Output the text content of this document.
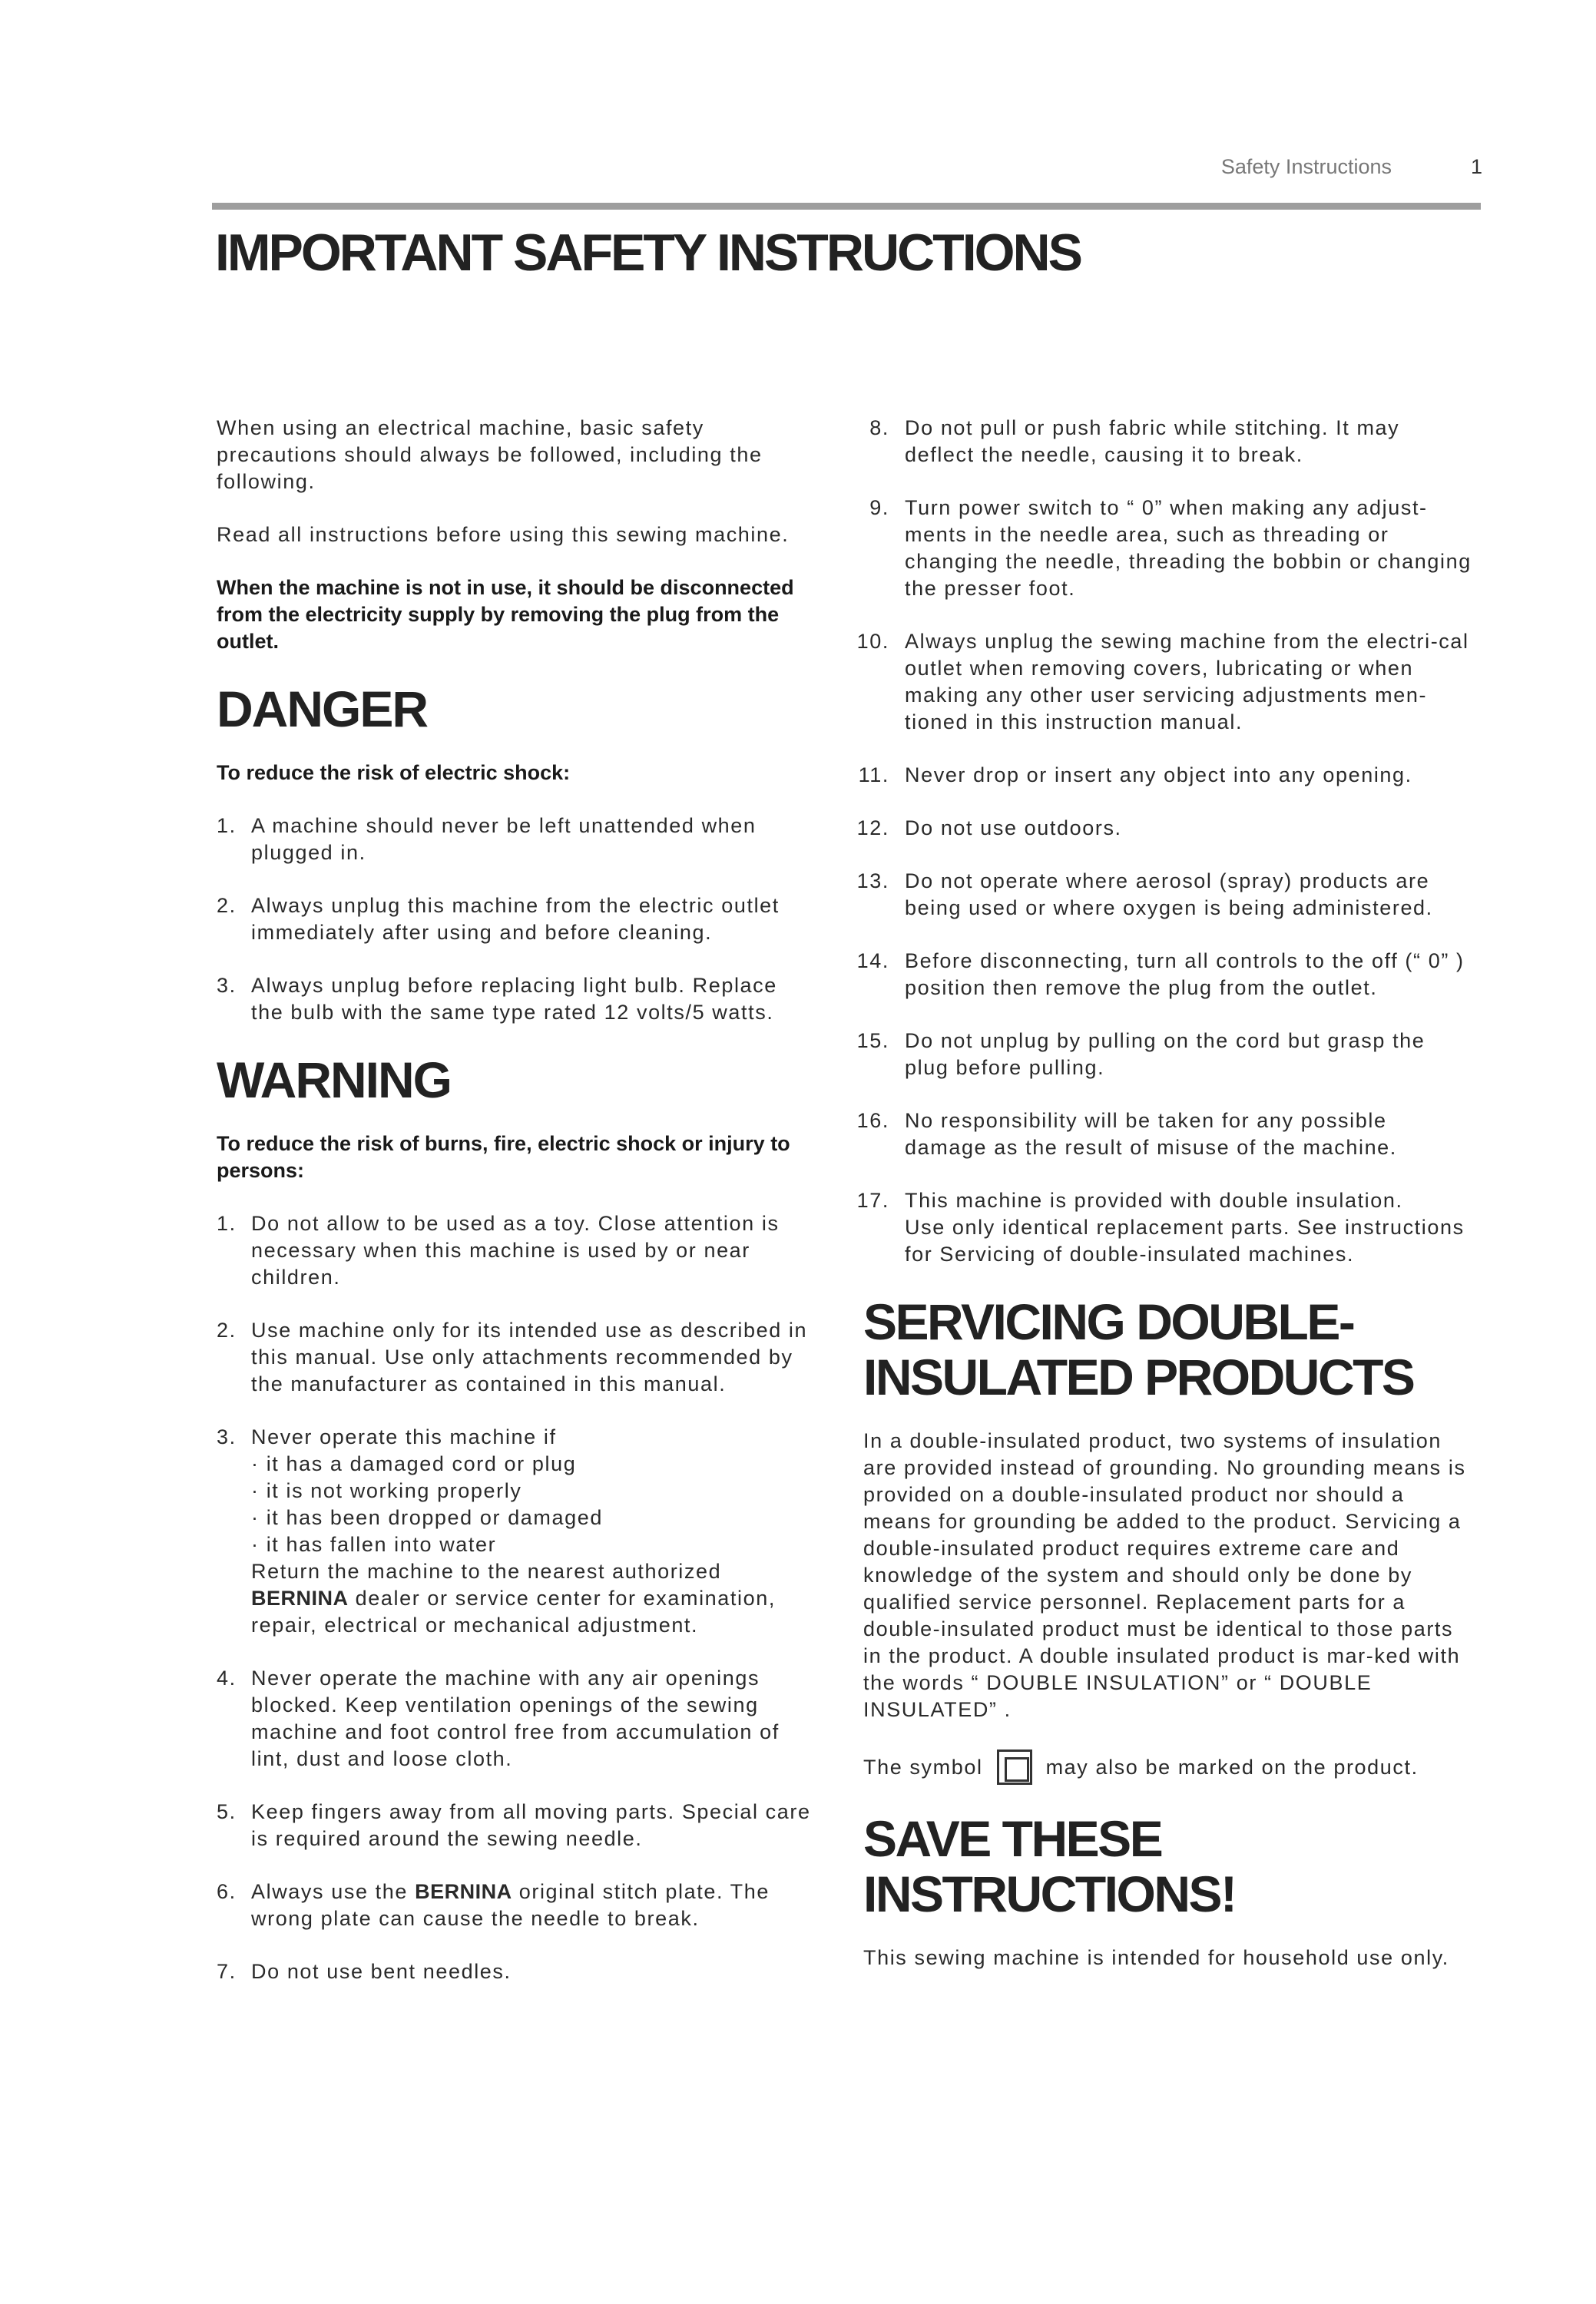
Safety Instructions	1
IMPORTANT SAFETY INSTRUCTIONS

When using an electrical machine, basic safety precautions should always be followed, including the following.

Read all instructions before using this sewing machine.

When the machine is not in use, it should be disconnected from the electricity supply by removing the plug from the outlet.

DANGER

To reduce the risk of electric shock:

1. A machine should never be left unattended when plugged in.
2. Always unplug this machine from the electric outlet immediately after using and before cleaning.
3. Always unplug before replacing light bulb. Replace the bulb with the same type rated 12 volts/5 watts.
WARNING

To reduce the risk of burns, fire, electric shock or injury to persons:

1. Do not allow to be used as a toy. Close attention is necessary when this machine is used by or near children.
2. Use machine only for its intended use as described in this manual. Use only attachments recommended by the manufacturer as contained in this manual.
3. Never operate this machine if
· it has a damaged cord or plug
· it is not working properly
· it has been dropped or damaged
· it has fallen into water
Return the machine to the nearest authorized
BERNINA dealer or service center for examination, repair, electrical or mechanical adjustment.
4. Never operate the machine with any air openings blocked. Keep ventilation openings of the sewing machine and foot control free from accumulation of lint, dust and loose cloth.
5. Keep fingers away from all moving parts. Special care is required around the sewing needle.
6. Always use the BERNINA original stitch plate. The wrong plate can cause the needle to break.
7. Do not use bent needles.
8. Do not pull or push fabric while stitching. It may deflect the needle, causing it to break.
9. Turn power switch to “ 0” when making any adjust-ments in the needle area, such as threading or changing the needle, threading the bobbin or changing the presser foot.
10. Always unplug the sewing machine from the electri-cal outlet when removing covers, lubricating or when making any other user servicing adjustments men-tioned in this instruction manual.
11. Never drop or insert any object into any opening.
12. Do not use outdoors.
13. Do not operate where aerosol (spray) products are being used or where oxygen is being administered.
14. Before disconnecting, turn all controls to the off (“ 0” ) position then remove the plug from the outlet.
15. Do not unplug by pulling on the cord but grasp the plug before pulling.
16. No responsibility will be taken for any possible damage as the result of misuse of the machine.
17. This machine is provided with double insulation.
Use only identical replacement parts. See instructions for Servicing of double-insulated machines.
SERVICING DOUBLE-
INSULATED PRODUCTS

In a double-insulated product, two systems of insulation are provided instead of grounding. No grounding means is provided on a double-insulated product nor should a means for grounding be added to the product. Servicing a double-insulated product requires extreme care and knowledge of the system and should only be done by qualified service personnel. Replacement parts for a double-insulated product must be identical to those parts in the product. A double insulated product is mar-ked with the words “ DOUBLE INSULATION” or “ DOUBLE INSULATED” .

The symbol	may also be marked on the product.
SAVE THESE
INSTRUCTIONS!

This sewing machine is intended for household use only.
